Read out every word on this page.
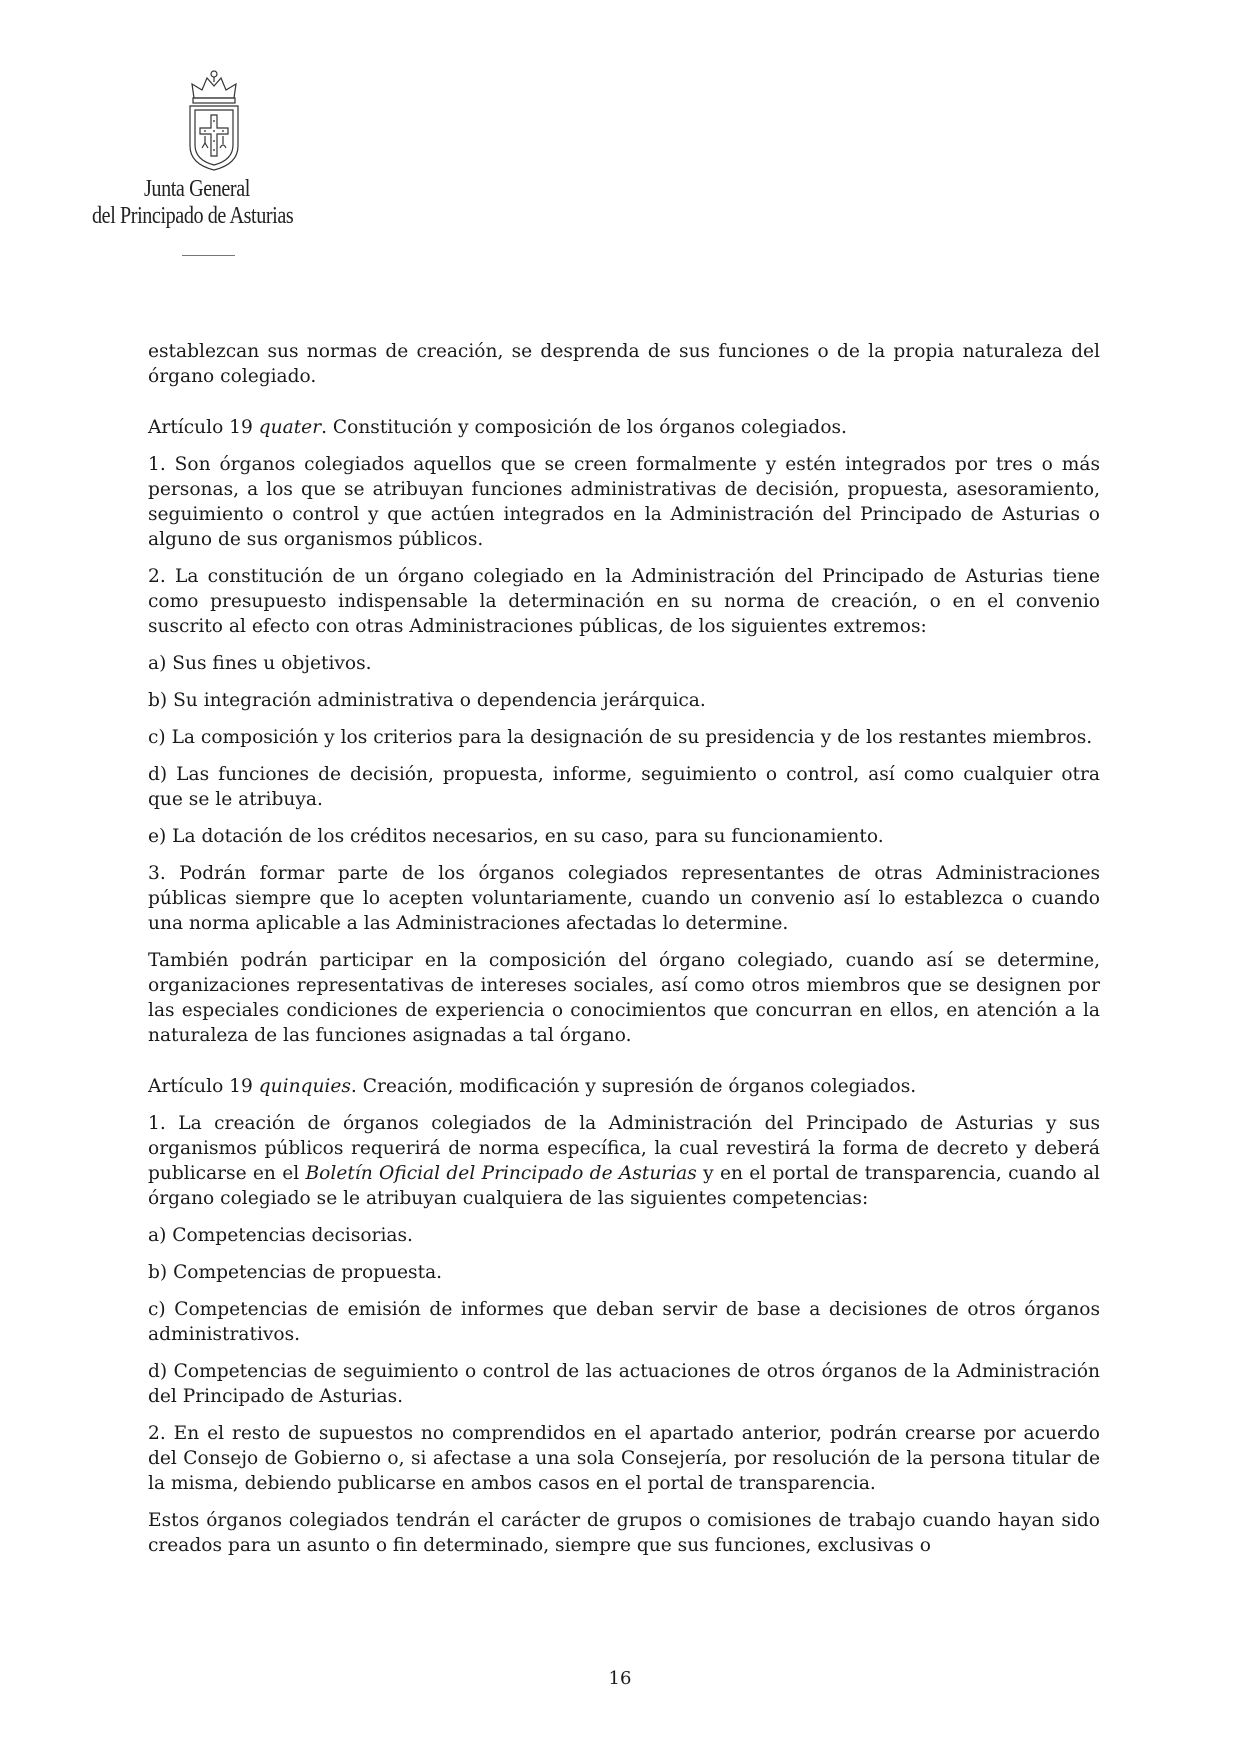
Junta General
del Principado de Asturias

establezcan sus normas de creación, se desprenda de sus funciones o de la propia naturaleza del órgano colegiado.

Artículo 19 quater. Constitución y composición de los órganos colegiados.

1. Son órganos colegiados aquellos que se creen formalmente y estén integrados por tres o más personas, a los que se atribuyan funciones administrativas de decisión, propuesta, asesoramiento, seguimiento o control y que actúen integrados en la Administración del Principado de Asturias o alguno de sus organismos públicos.

2. La constitución de un órgano colegiado en la Administración del Principado de Asturias tiene como presupuesto indispensable la determinación en su norma de creación, o en el convenio suscrito al efecto con otras Administraciones públicas, de los siguientes extremos:

a) Sus fines u objetivos.

b) Su integración administrativa o dependencia jerárquica.

c) La composición y los criterios para la designación de su presidencia y de los restantes miembros.

d) Las funciones de decisión, propuesta, informe, seguimiento o control, así como cualquier otra que se le atribuya.

e) La dotación de los créditos necesarios, en su caso, para su funcionamiento.

3. Podrán formar parte de los órganos colegiados representantes de otras Administraciones públicas siempre que lo acepten voluntariamente, cuando un convenio así lo establezca o cuando una norma aplicable a las Administraciones afectadas lo determine.

También podrán participar en la composición del órgano colegiado, cuando así se determine, organizaciones representativas de intereses sociales, así como otros miembros que se designen por las especiales condiciones de experiencia o conocimientos que concurran en ellos, en atención a la naturaleza de las funciones asignadas a tal órgano.

Artículo 19 quinquies. Creación, modificación y supresión de órganos colegiados.

1. La creación de órganos colegiados de la Administración del Principado de Asturias y sus organismos públicos requerirá de norma específica, la cual revestirá la forma de decreto y deberá publicarse en el Boletín Oficial del Principado de Asturias y en el portal de transparencia, cuando al órgano colegiado se le atribuyan cualquiera de las siguientes competencias:

a) Competencias decisorias.

b) Competencias de propuesta.

c) Competencias de emisión de informes que deban servir de base a decisiones de otros órganos administrativos.

d) Competencias de seguimiento o control de las actuaciones de otros órganos de la Administración del Principado de Asturias.

2. En el resto de supuestos no comprendidos en el apartado anterior, podrán crearse por acuerdo del Consejo de Gobierno o, si afectase a una sola Consejería, por resolución de la persona titular de la misma, debiendo publicarse en ambos casos en el portal de transparencia.

Estos órganos colegiados tendrán el carácter de grupos o comisiones de trabajo cuando hayan sido creados para un asunto o fin determinado, siempre que sus funciones, exclusivas o

16
